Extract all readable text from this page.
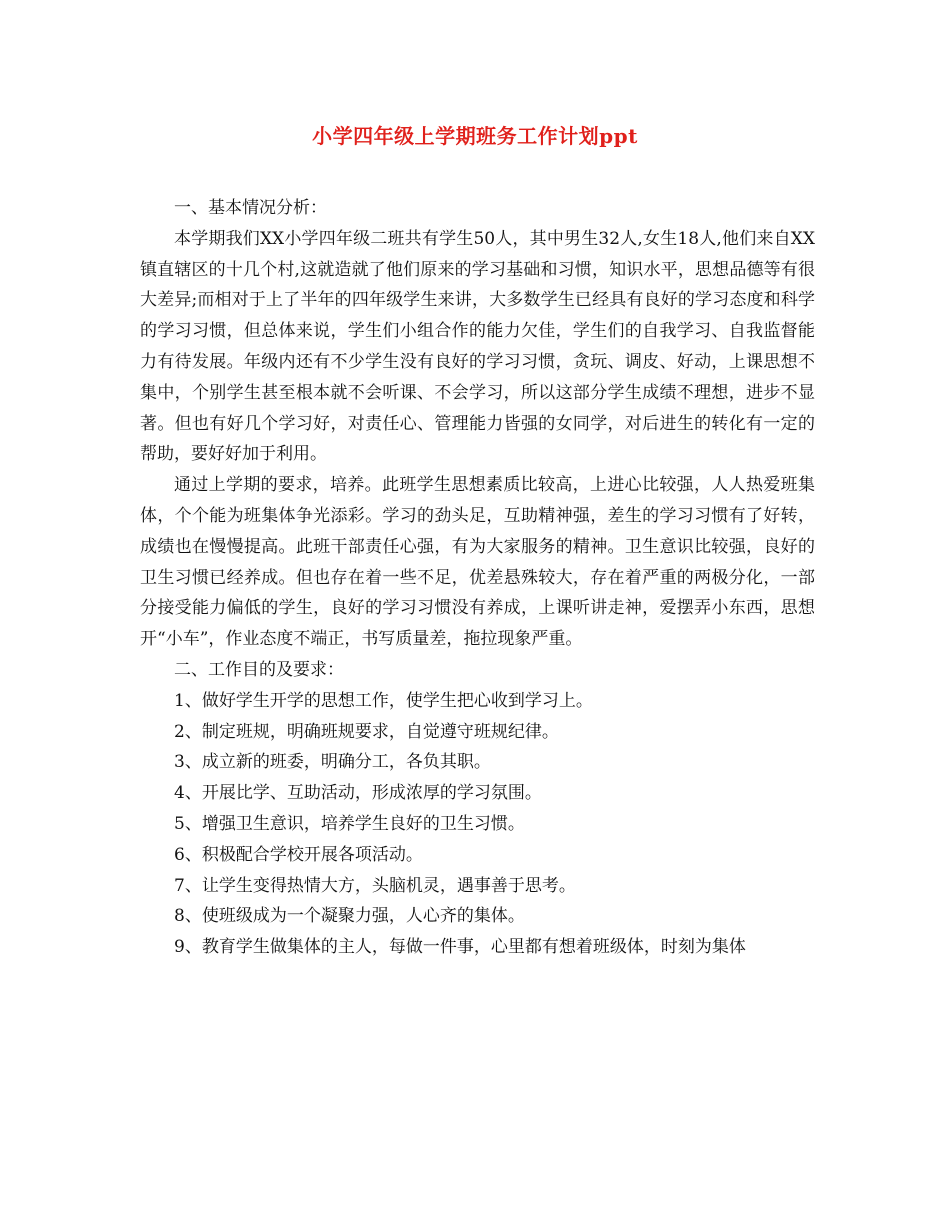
小学四年级上学期班务工作计划ppt

一、基本情况分析：

本学期我们XX小学四年级二班共有学生50人，其中男生32人,女生18人,他们来自XX镇直辖区的十几个村,这就造就了他们原来的学习基础和习惯，知识水平，思想品德等有很大差异;而相对于上了半年的四年级学生来讲，大多数学生已经具有良好的学习态度和科学的学习习惯，但总体来说，学生们小组合作的能力欠佳，学生们的自我学习、自我监督能力有待发展。年级内还有不少学生没有良好的学习习惯，贪玩、调皮、好动，上课思想不集中，个别学生甚至根本就不会听课、不会学习，所以这部分学生成绩不理想，进步不显著。但也有好几个学习好，对责任心、管理能力皆强的女同学，对后进生的转化有一定的帮助，要好好加于利用。

通过上学期的要求，培养。此班学生思想素质比较高，上进心比较强，人人热爱班集体，个个能为班集体争光添彩。学习的劲头足，互助精神强，差生的学习习惯有了好转，成绩也在慢慢提高。此班干部责任心强，有为大家服务的精神。卫生意识比较强，良好的卫生习惯已经养成。但也存在着一些不足，优差悬殊较大，存在着严重的两极分化，一部分接受能力偏低的学生，良好的学习习惯没有养成，上课听讲走神，爱摆弄小东西，思想开“小车”，作业态度不端正，书写质量差，拖拉现象严重。

二、工作目的及要求：

1、做好学生开学的思想工作，使学生把心收到学习上。

2、制定班规，明确班规要求，自觉遵守班规纪律。

3、成立新的班委，明确分工，各负其职。

4、开展比学、互助活动，形成浓厚的学习氛围。

5、增强卫生意识，培养学生良好的卫生习惯。

6、积极配合学校开展各项活动。

7、让学生变得热情大方，头脑机灵，遇事善于思考。

8、使班级成为一个凝聚力强，人心齐的集体。

9、教育学生做集体的主人，每做一件事，心里都有想着班级体，时刻为集体
